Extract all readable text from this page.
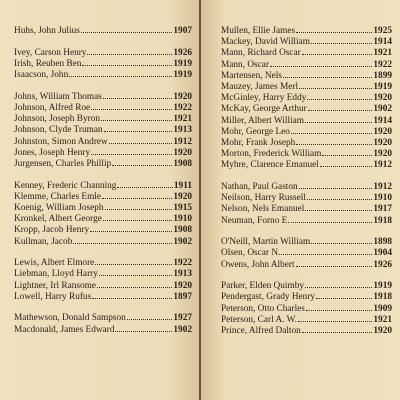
Huhs, John Julius	1907
Ivey, Carson Henry	1926
Irish, Reuben Ben	1919
Isaacson, John	1919
Johns, William Thomas	1920
Johnson, Alfred Roe	1922
Johnson, Joseph Byron	1921
Johnson, Clyde Truman	1913
Johnston, Simon Andrew	1912
Jones, Joseph Henry	1920
Jurgensen, Charles Phillip	1908
Kenney, Frederic Channing	1911
Klemme, Charles Emle	1920
Koenig, William Joseph	1915
Kronkel, Albert George	1910
Kropp, Jacob Henry	1908
Kullman, Jacob	1902
Lewis, Albert Elmore	1922
Liebman, Lloyd Harry	1913
Lightner, Irl Ransome	1920
Lowell, Harry Rufus	1897
Mathewson, Donald Sampson	1927
Macdonald, James Edward	1902
Mullen, Ellie James	1925
Mackey, David William	1914
Mann, Richard Oscar	1921
Mann, Oscar	1922
Martensen, Nels	1899
Mauzey, James Merl	1919
McGinley, Harry Eddy	1920
McKay, George Arthur	1902
Miller, Albert William	1914
Mohr, George Leo	1920
Mohr, Frank Joseph	1920
Morton, Frederick William	1920
Myhre, Clarence Emanuel	1912
Nathan, Paul Gaston	1912
Neilson, Harry Russell	1910
Nelson, Nels Emanuel	1917
Neuman, Forno E.	1918
O'Neill, Martin William	1898
Olsen, Oscar N.	1904
Owens, John Albert	1926
Parker, Elden Quimby	1919
Pendergast, Grady Henry	1918
Peterson, Otto Charles	1909
Peterson, Carl A. W.	1921
Prince, Alfred Dalton	1920
